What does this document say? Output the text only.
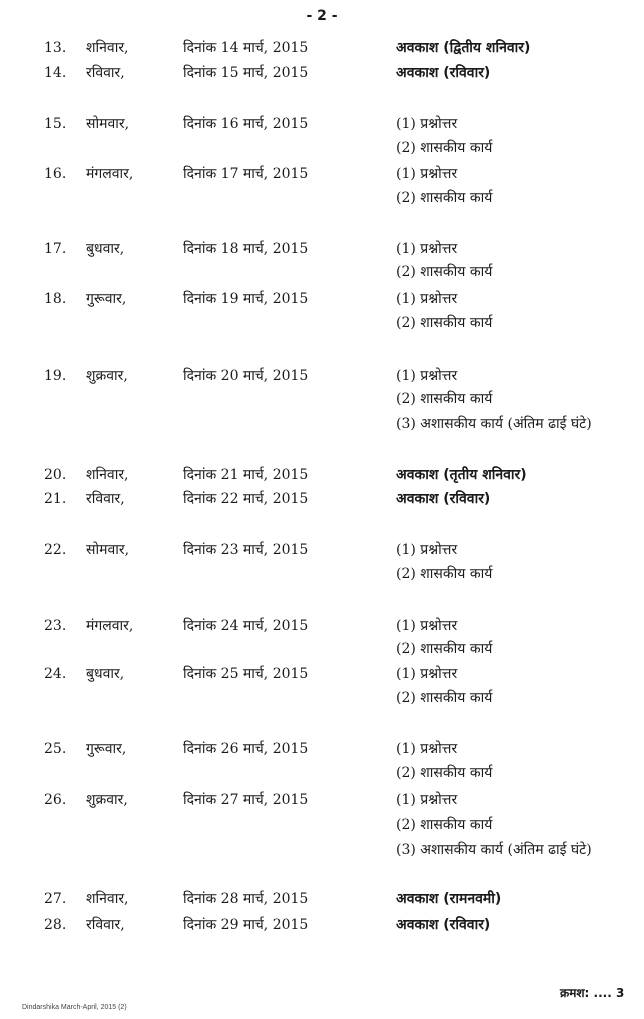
- 2 -
13. शनिवार,	दिनांक 14 मार्च, 2015	अवकाश (द्वितीय शनिवार)
14. रविवार,	दिनांक 15 मार्च, 2015	अवकाश (रविवार)
15. सोमवार,	दिनांक 16 मार्च, 2015	(1) प्रश्नोत्तर
(2) शासकीय कार्य
16. मंगलवार,	दिनांक 17 मार्च, 2015	(1) प्रश्नोत्तर
(2) शासकीय कार्य
17. बुधवार,	दिनांक 18 मार्च, 2015	(1) प्रश्नोत्तर
(2) शासकीय कार्य
18. गुरूवार,	दिनांक 19 मार्च, 2015	(1) प्रश्नोत्तर
(2) शासकीय कार्य
19. शुक्रवार,	दिनांक 20 मार्च, 2015	(1) प्रश्नोत्तर
(2) शासकीय कार्य
(3) अशासकीय कार्य (अंतिम ढाई घंटे)
20. शनिवार,	दिनांक 21 मार्च, 2015	अवकाश (तृतीय शनिवार)
21. रविवार,	दिनांक 22 मार्च, 2015	अवकाश (रविवार)
22. सोमवार,	दिनांक 23 मार्च, 2015	(1) प्रश्नोत्तर
(2) शासकीय कार्य
23. मंगलवार,	दिनांक 24 मार्च, 2015	(1) प्रश्नोत्तर
(2) शासकीय कार्य
24. बुधवार,	दिनांक 25 मार्च, 2015	(1) प्रश्नोत्तर
(2) शासकीय कार्य
25. गुरूवार,	दिनांक 26 मार्च, 2015	(1) प्रश्नोत्तर
(2) शासकीय कार्य
26. शुक्रवार,	दिनांक 27 मार्च, 2015	(1) प्रश्नोत्तर
(2) शासकीय कार्य
(3) अशासकीय कार्य (अंतिम ढाई घंटे)
27. शनिवार,	दिनांक 28 मार्च, 2015	अवकाश (रामनवमी)
28. रविवार,	दिनांक 29 मार्च, 2015	अवकाश (रविवार)
क्रमश: .... 3
Dindarshika March-April, 2015 (2)
